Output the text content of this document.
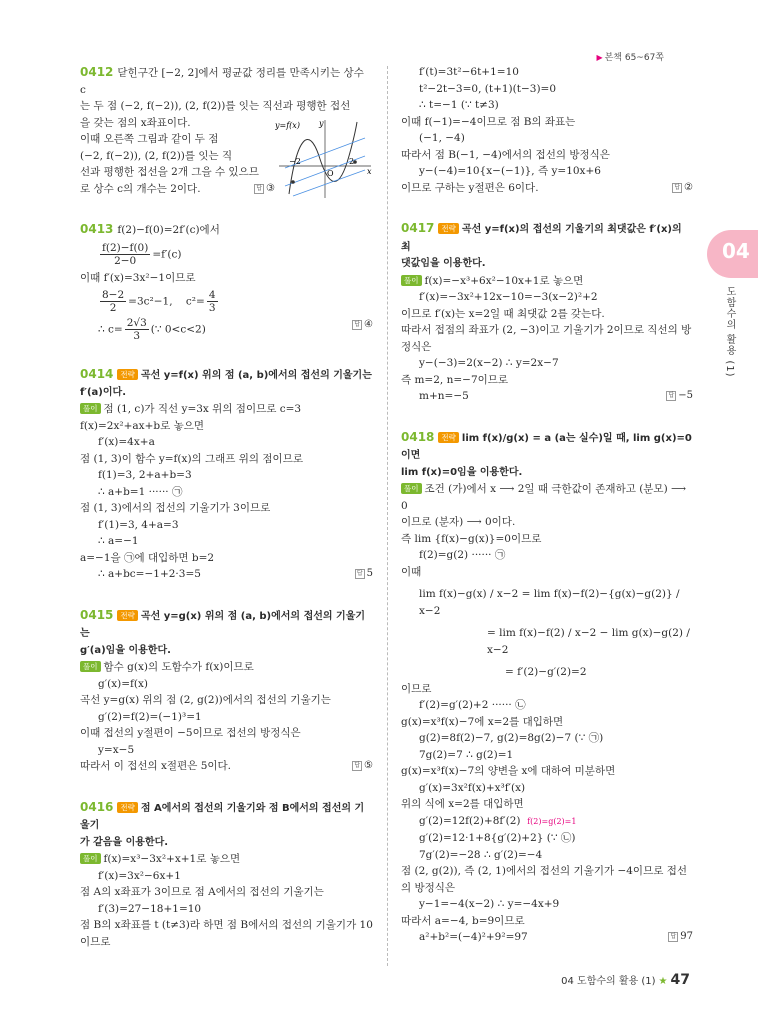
▶ 본책 65~67쪽
04
도함수의 활용 (1)

0412 닫힌구간 [−2, 2]에서 평균값 정리를 만족시키는 상수 c

는 두 점 (−2, f(−2)), (2, f(2))를 잇는 직선과 평행한 접선

을 갖는 점의 x좌표이다.

이때 오른쪽 그림과 같이 두 점

(−2, f(−2)), (2, f(2))를 잇는 직

선과 평행한 접선을 2개 그을 수 있으므

로 상수 c의 개수는 2이다.	답 ③

y=f(x) y
x
O
−2	2

0413 f(2)−f(0)=2f′(c)에서

$\frac{f(2)-f(0)}{2-0} =f'(c)$

이때 f′(x)=3x²−1이므로

$\frac{8-2}{2} =3c^2-1$, $c^2= \frac{4}{3}$

∴ $c= \frac{2√3}{3}$ (∵ 0<c<2)	답 ④

0414 전략 곡선 y=f(x) 위의 점 (a, b)에서의 접선의 기울기는

f′(a)이다.

풀이 점 (1, c)가 직선 y=3x 위의 점이므로 c=3

f(x)=2x²+ax+b로 놓으면

f′(x)=4x+a

점 (1, 3)이 함수 y=f(x)의 그래프 위의 점이므로

f(1)=3, 2+a+b=3

∴ a+b=1 ······ ㉠

점 (1, 3)에서의 접선의 기울기가 3이므로

f′(1)=3, 4+a=3

∴ a=−1

a=−1을 ㉠에 대입하면 b=2

∴ a+bc=−1+2·3=5	답 5

0415 전략 곡선 y=g(x) 위의 점 (a, b)에서의 접선의 기울기는

g′(a)임을 이용한다.

풀이 함수 g(x)의 도함수가 f(x)이므로

g′(x)=f(x)

곡선 y=g(x) 위의 점 (2, g(2))에서의 접선의 기울기는

g′(2)=f(2)=(−1)³=1

이때 접선의 y절편이 −5이므로 접선의 방정식은

y=x−5

따라서 이 접선의 x절편은 5이다.	답 ⑤

0416 전략 점 A에서의 접선의 기울기와 점 B에서의 접선의 기울기

가 같음을 이용한다.

풀이 f(x)=x³−3x²+x+1로 놓으면

f′(x)=3x²−6x+1

점 A의 x좌표가 3이므로 점 A에서의 접선의 기울기는

f′(3)=27−18+1=10

점 B의 x좌표를 t (t≠3)라 하면 점 B에서의 접선의 기울기가 10

이므로

f′(t)=3t²−6t+1=10

t²−2t−3=0, (t+1)(t−3)=0

∴ t=−1 (∵ t≠3)

이때 f(−1)=−4이므로 점 B의 좌표는

(−1, −4)

따라서 점 B(−1, −4)에서의 접선의 방정식은

y−(−4)=10{x−(−1)}, 즉 y=10x+6

이므로 구하는 y절편은 6이다.	답 ②

0417 전략 곡선 y=f(x)의 접선의 기울기의 최댓값은 f′(x)의 최

댓값임을 이용한다.

풀이 f(x)=−x³+6x²−10x+1로 놓으면

f′(x)=−3x²+12x−10=−3(x−2)²+2

이므로 f′(x)는 x=2일 때 최댓값 2를 갖는다.

따라서 접점의 좌표가 (2, −3)이고 기울기가 2이므로 직선의 방

정식은

y−(−3)=2(x−2) ∴ y=2x−7

즉 m=2, n=−7이므로

m+n=−5	답 −5

0418 전략 lim f(x)/g(x) = a (a는 실수)일 때, lim g(x)=0이면

lim f(x)=0임을 이용한다.

풀이 조건 (가)에서 x ⟶ 2일 때 극한값이 존재하고 (분모) ⟶ 0

이므로 (분자) ⟶ 0이다.

즉 lim {f(x)−g(x)}=0이므로

f(2)=g(2) ······ ㉠

이때

lim f(x)−g(x) / x−2 = lim f(x)−f(2)−{g(x)−g(2)} / x−2

= lim f(x)−f(2) / x−2 − lim g(x)−g(2) / x−2

= f′(2)−g′(2)=2

이므로

f′(2)=g′(2)+2 ······ ㉡

g(x)=x³f(x)−7에 x=2를 대입하면

g(2)=8f(2)−7, g(2)=8g(2)−7 (∵ ㉠)

7g(2)=7 ∴ g(2)=1

g(x)=x³f(x)−7의 양변을 x에 대하여 미분하면

g′(x)=3x²f(x)+x³f′(x)

위의 식에 x=2를 대입하면

g′(2)=12f(2)+8f′(2) f(2)=g(2)=1

g′(2)=12·1+8{g′(2)+2} (∵ ㉡)

7g′(2)=−28 ∴ g′(2)=−4

점 (2, g(2)), 즉 (2, 1)에서의 접선의 기울기가 −4이므로 접선

의 방정식은

y−1=−4(x−2) ∴ y=−4x+9

따라서 a=−4, b=9이므로

a²+b²=(−4)²+9²=97	답 97

04 도함수의 활용 (1) ★ 47
